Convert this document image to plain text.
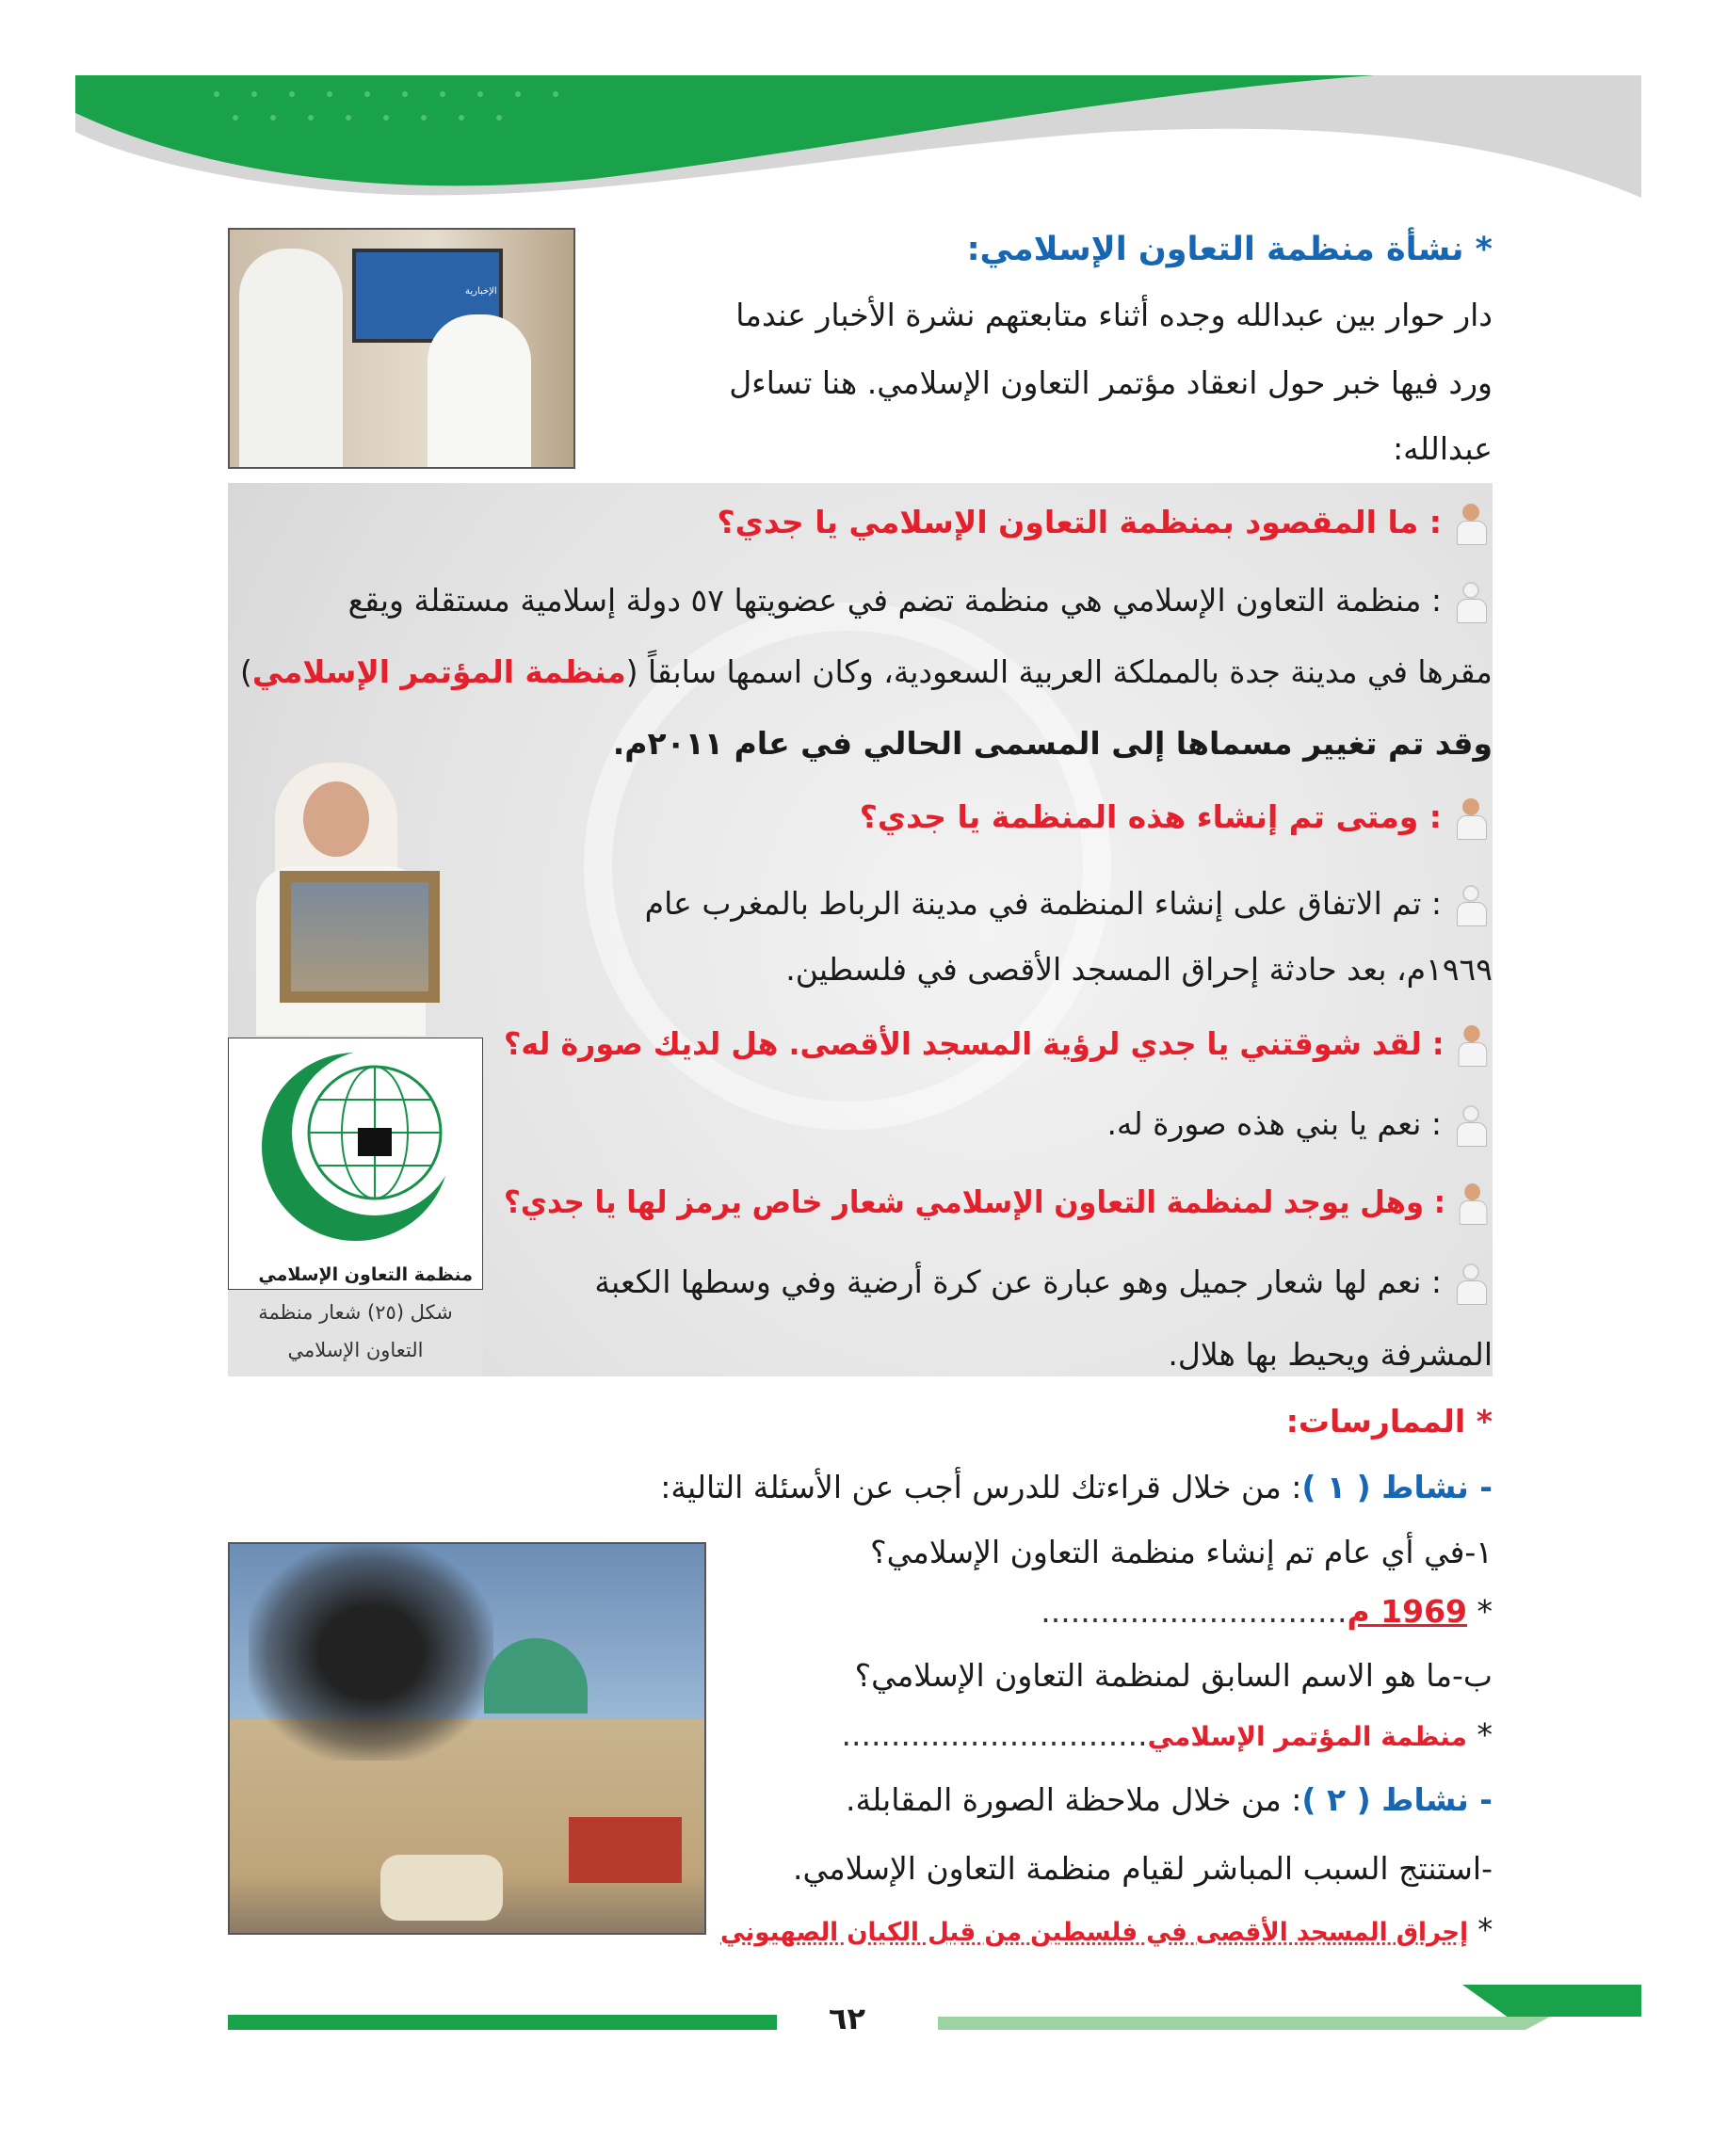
الإخبارية
* نشأة منظمة التعاون الإسلامي:
دار حوار بين عبدالله وجده أثناء متابعتهم نشرة الأخبار عندما
ورد فيها خبر حول انعقاد مؤتمر التعاون الإسلامي. هنا تساءل
عبدالله:
: ما المقصود بمنظمة التعاون الإسلامي يا جدي؟
: منظمة التعاون الإسلامي هي منظمة تضم في عضويتها ٥٧ دولة إسلامية مستقلة ويقع
مقرها في مدينة جدة بالمملكة العربية السعودية، وكان اسمها سابقاً (منظمة المؤتمر الإسلامي)
وقد تم تغيير مسماها إلى المسمى الحالي في عام ٢٠١١م.
: ومتى تم إنشاء هذه المنظمة يا جدي؟
: تم الاتفاق على إنشاء المنظمة في مدينة الرباط بالمغرب عام
١٩٦٩م، بعد حادثة إحراق المسجد الأقصى في فلسطين.
: لقد شوقتني يا جدي لرؤية المسجد الأقصى. هل لديك صورة له؟
: نعم يا بني هذه صورة له.
: وهل يوجد لمنظمة التعاون الإسلامي شعار خاص يرمز لها يا جدي؟
: نعم لها شعار جميل وهو عبارة عن كرة أرضية وفي وسطها الكعبة
المشرفة ويحيط بها هلال.
منظمة التعاون الإسلامي
شكل (٢٥) شعار منظمة
التعاون الإسلامي
* الممارسات:
- نشاط ( ١ ): من خلال قراءتك للدرس أجب عن الأسئلة التالية:
١-في أي عام تم إنشاء منظمة التعاون الإسلامي؟
* 1969 م...............................
ب-ما هو الاسم السابق لمنظمة التعاون الإسلامي؟
* منظمة المؤتمر الإسلامي...............................
- نشاط ( ٢ ): من خلال ملاحظة الصورة المقابلة.
-استنتج السبب المباشر لقيام منظمة التعاون الإسلامي.
* إحراق المسجد الأقصى في فلسطين من قبل الكيان الصهيوني
٦٢
